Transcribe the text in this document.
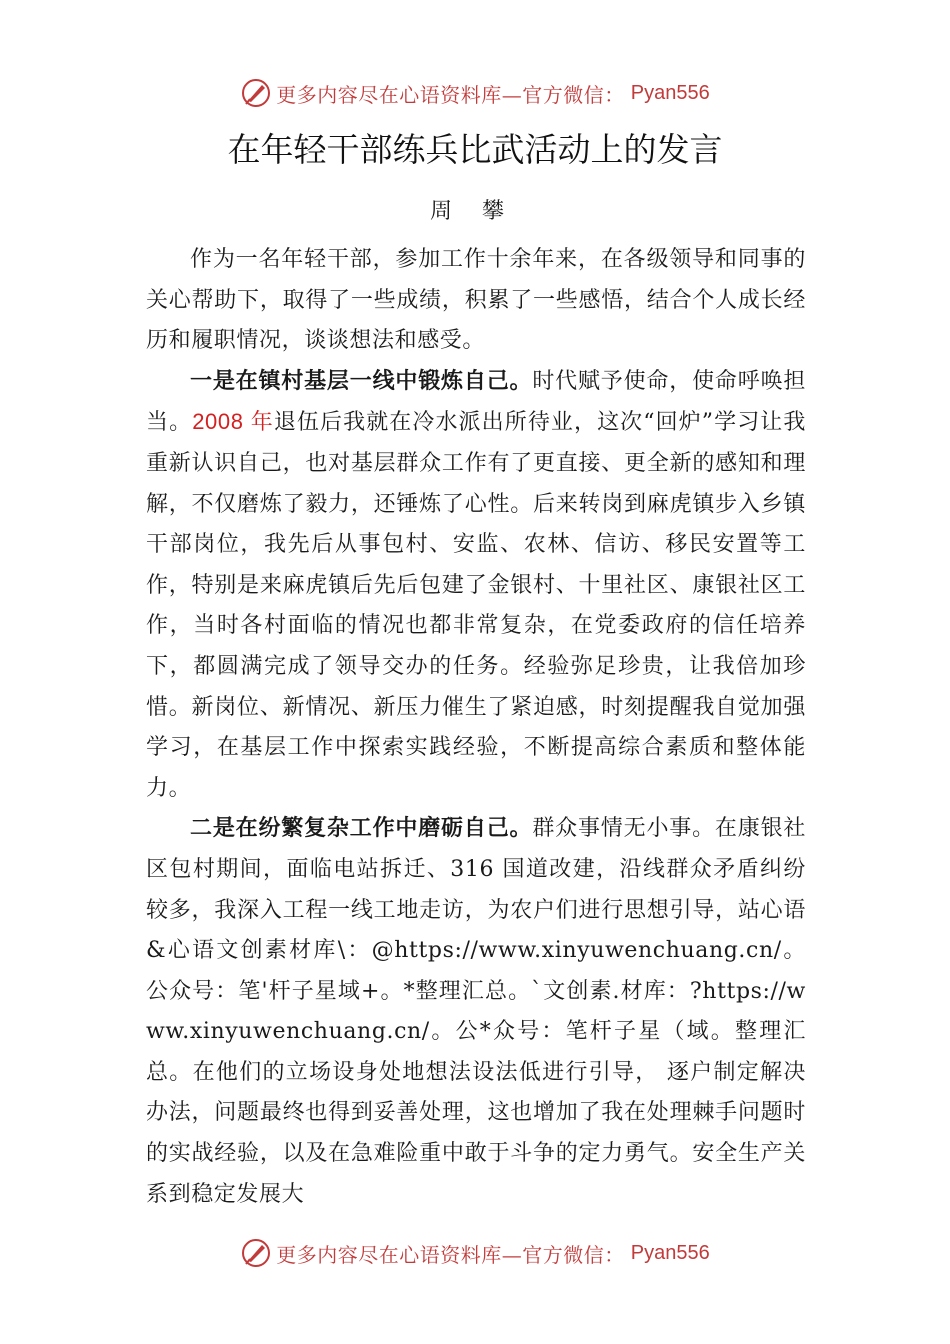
更多内容尽在心语资料库—官方微信： Pyan556
在年轻干部练兵比武活动上的发言
周攀

作为一名年轻干部，参加工作十余年来，在各级领导和同事的关心帮助下，取得了一些成绩，积累了一些感悟，结合个人成长经历和履职情况，谈谈想法和感受。

一是在镇村基层一线中锻炼自己。时代赋予使命，使命呼唤担当。2008 年退伍后我就在冷水派出所待业，这次“回炉”学习让我重新认识自己，也对基层群众工作有了更直接、更全新的感知和理解，不仅磨炼了毅力，还锤炼了心性。后来转岗到麻虎镇步入乡镇干部岗位，我先后从事包村、安监、农林、信访、移民安置等工作，特别是来麻虎镇后先后包建了金银村、十里社区、康银社区工作，当时各村面临的情况也都非常复杂，在党委政府的信任培养下，都圆满完成了领导交办的任务。经验弥足珍贵，让我倍加珍惜。新岗位、新情况、新压力催生了紧迫感，时刻提醒我自觉加强学习，在基层工作中探索实践经验，不断提高综合素质和整体能力。

二是在纷繁复杂工作中磨砺自己。群众事情无小事。在康银社区包村期间，面临电站拆迁、316 国道改建，沿线群众矛盾纠纷较多，我深入工程一线工地走访，为农户们进行思想引导，站心语&心语文创素材库\：@https://www.xinyuwenchuang.cn/。公众号：笔'杆子星域+。*整理汇总。`文创素.材库：?https://www.xinyuwenchuang.cn/。公*众号：笔杆子星（域。整理汇总。在他们的立场设身处地想法设法低进行引导， 逐户制定解决办法，问题最终也得到妥善处理，这也增加了我在处理棘手问题时的实战经验，以及在急难险重中敢于斗争的定力勇气。安全生产关系到稳定发展大

更多内容尽在心语资料库—官方微信： Pyan556
